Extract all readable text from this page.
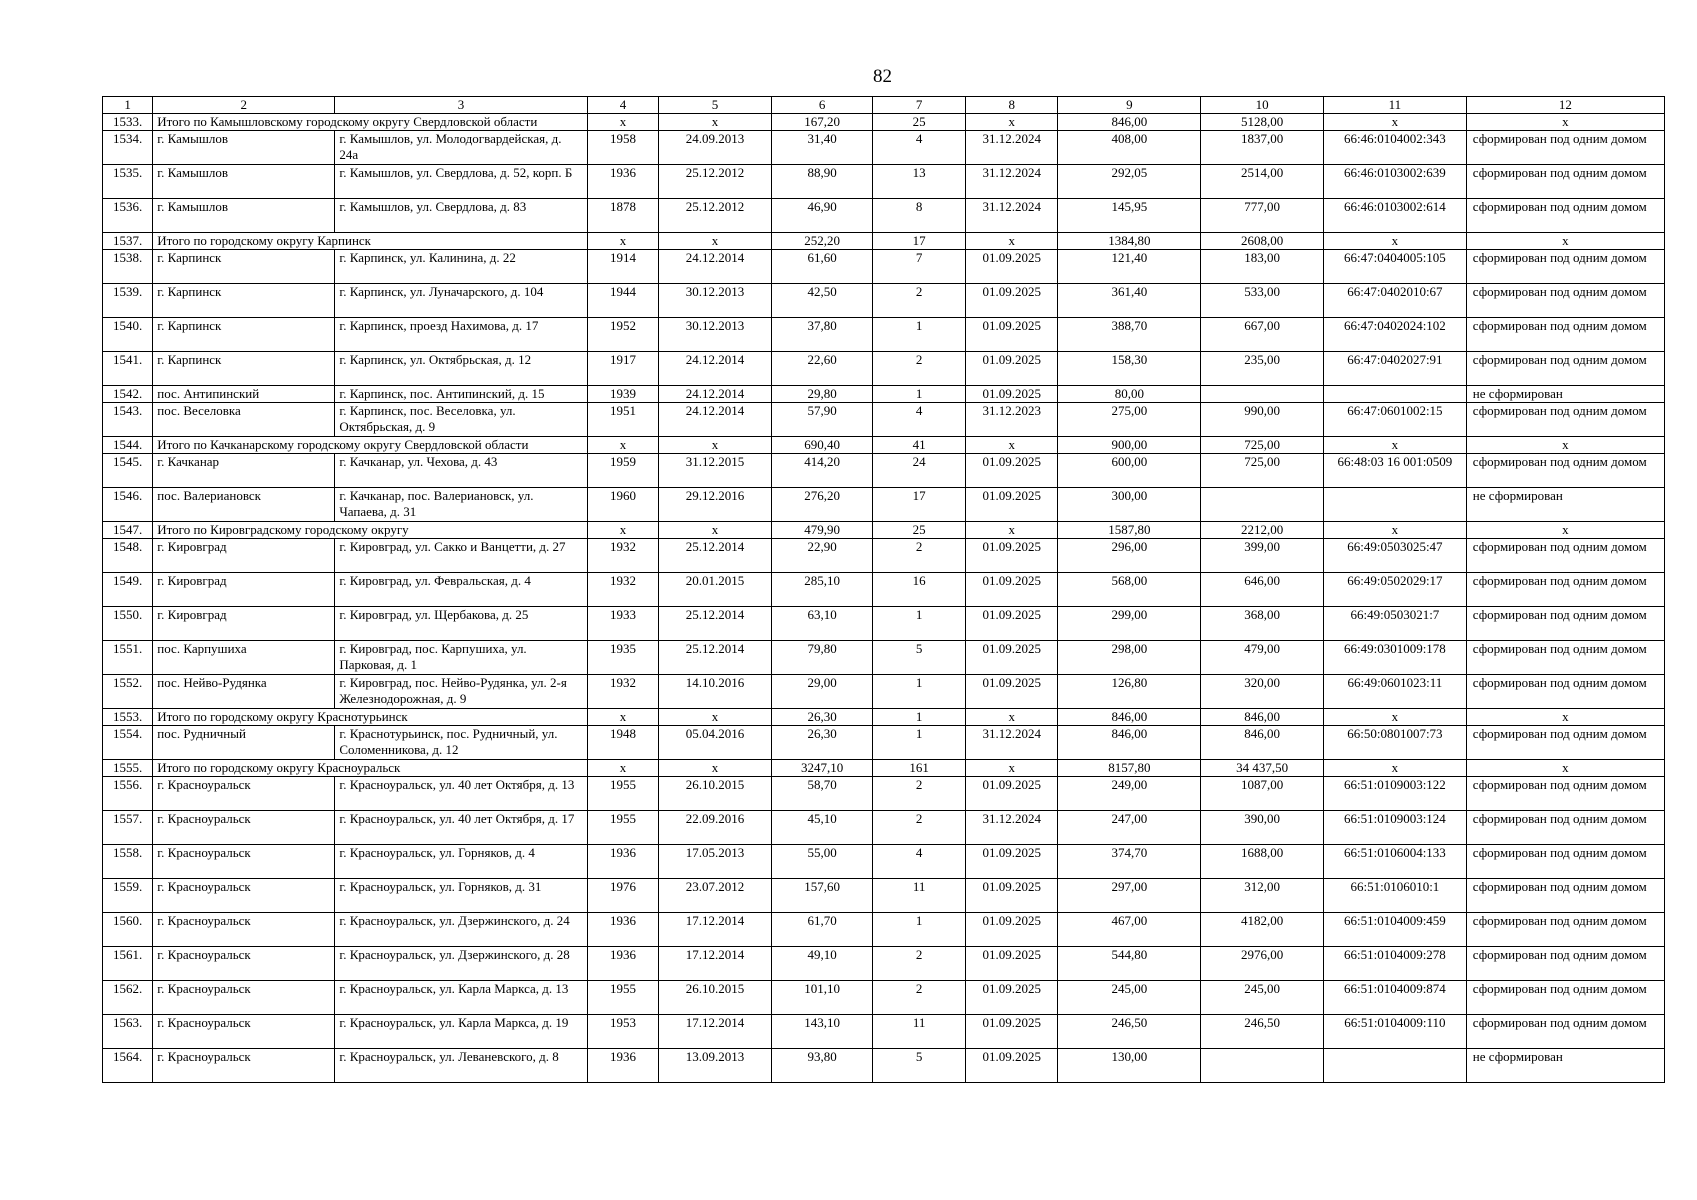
82
1	2	3	4	5	6	7	8	9	10	11	12
1533.	Итого по Камышловскому городскому округу Свердловской области		x	x	167,20	25	x	846,00	5128,00	x	x
1534.	г. Камышлов	г. Камышлов, ул. Молодогвардейская, д. 24а	1958	24.09.2013	31,40	4	31.12.2024	408,00	1837,00	66:46:0104002:343	сформирован под одним домом
1535.	г. Камышлов	г. Камышлов, ул. Свердлова, д. 52, корп. Б	1936	25.12.2012	88,90	13	31.12.2024	292,05	2514,00	66:46:0103002:639	сформирован под одним домом
1536.	г. Камышлов	г. Камышлов, ул. Свердлова, д. 83	1878	25.12.2012	46,90	8	31.12.2024	145,95	777,00	66:46:0103002:614	сформирован под одним домом
1537.	Итого по городскому округу Карпинск		x	x	252,20	17	x	1384,80	2608,00	x	x
1538.	г. Карпинск	г. Карпинск, ул. Калинина, д. 22	1914	24.12.2014	61,60	7	01.09.2025	121,40	183,00	66:47:0404005:105	сформирован под одним домом
1539.	г. Карпинск	г. Карпинск, ул. Луначарского, д. 104	1944	30.12.2013	42,50	2	01.09.2025	361,40	533,00	66:47:0402010:67	сформирован под одним домом
1540.	г. Карпинск	г. Карпинск, проезд Нахимова, д. 17	1952	30.12.2013	37,80	1	01.09.2025	388,70	667,00	66:47:0402024:102	сформирован под одним домом
1541.	г. Карпинск	г. Карпинск, ул. Октябрьская, д. 12	1917	24.12.2014	22,60	2	01.09.2025	158,30	235,00	66:47:0402027:91	сформирован под одним домом
1542.	пос. Антипинский	г. Карпинск, пос. Антипинский, д. 15	1939	24.12.2014	29,80	1	01.09.2025	80,00			не сформирован
1543.	пос. Веселовка	г. Карпинск, пос. Веселовка, ул. Октябрьская, д. 9	1951	24.12.2014	57,90	4	31.12.2023	275,00	990,00	66:47:0601002:15	сформирован под одним домом
1544.	Итого по Качканарскому городскому округу Свердловской области		x	x	690,40	41	x	900,00	725,00	x	x
1545.	г. Качканар	г. Качканар, ул. Чехова, д. 43	1959	31.12.2015	414,20	24	01.09.2025	600,00	725,00	66:48:03 16 001:0509	сформирован под одним домом
1546.	пос. Валериановск	г. Качканар, пос. Валериановск, ул. Чапаева, д. 31	1960	29.12.2016	276,20	17	01.09.2025	300,00			не сформирован
1547.	Итого по Кировградскому городскому округу		x	x	479,90	25	x	1587,80	2212,00	x	x
1548.	г. Кировград	г. Кировград, ул. Сакко и Ванцетти, д. 27	1932	25.12.2014	22,90	2	01.09.2025	296,00	399,00	66:49:0503025:47	сформирован под одним домом
1549.	г. Кировград	г. Кировград, ул. Февральская, д. 4	1932	20.01.2015	285,10	16	01.09.2025	568,00	646,00	66:49:0502029:17	сформирован под одним домом
1550.	г. Кировград	г. Кировград, ул. Щербакова, д. 25	1933	25.12.2014	63,10	1	01.09.2025	299,00	368,00	66:49:0503021:7	сформирован под одним домом
1551.	пос. Карпушиха	г. Кировград, пос. Карпушиха, ул. Парковая, д. 1	1935	25.12.2014	79,80	5	01.09.2025	298,00	479,00	66:49:0301009:178	сформирован под одним домом
1552.	пос. Нейво-Рудянка	г. Кировград, пос. Нейво-Рудянка, ул. 2-я Железнодорожная, д. 9	1932	14.10.2016	29,00	1	01.09.2025	126,80	320,00	66:49:0601023:11	сформирован под одним домом
1553.	Итого по городскому округу Краснотурьинск		x	x	26,30	1	x	846,00	846,00	x	x
1554.	пос. Рудничный	г. Краснотурьинск, пос. Рудничный, ул. Соломенникова, д. 12	1948	05.04.2016	26,30	1	31.12.2024	846,00	846,00	66:50:0801007:73	сформирован под одним домом
1555.	Итого по городскому округу Красноуральск		x	x	3247,10	161	x	8157,80	34 437,50	x	x
1556.	г. Красноуральск	г. Красноуральск, ул. 40 лет Октября, д. 13	1955	26.10.2015	58,70	2	01.09.2025	249,00	1087,00	66:51:0109003:122	сформирован под одним домом
1557.	г. Красноуральск	г. Красноуральск, ул. 40 лет Октября, д. 17	1955	22.09.2016	45,10	2	31.12.2024	247,00	390,00	66:51:0109003:124	сформирован под одним домом
1558.	г. Красноуральск	г. Красноуральск, ул. Горняков, д. 4	1936	17.05.2013	55,00	4	01.09.2025	374,70	1688,00	66:51:0106004:133	сформирован под одним домом
1559.	г. Красноуральск	г. Красноуральск, ул. Горняков, д. 31	1976	23.07.2012	157,60	11	01.09.2025	297,00	312,00	66:51:0106010:1	сформирован под одним домом
1560.	г. Красноуральск	г. Красноуральск, ул. Дзержинского, д. 24	1936	17.12.2014	61,70	1	01.09.2025	467,00	4182,00	66:51:0104009:459	сформирован под одним домом
1561.	г. Красноуральск	г. Красноуральск, ул. Дзержинского, д. 28	1936	17.12.2014	49,10	2	01.09.2025	544,80	2976,00	66:51:0104009:278	сформирован под одним домом
1562.	г. Красноуральск	г. Красноуральск, ул. Карла Маркса, д. 13	1955	26.10.2015	101,10	2	01.09.2025	245,00	245,00	66:51:0104009:874	сформирован под одним домом
1563.	г. Красноуральск	г. Красноуральск, ул. Карла Маркса, д. 19	1953	17.12.2014	143,10	11	01.09.2025	246,50	246,50	66:51:0104009:110	сформирован под одним домом
1564.	г. Красноуральск	г. Красноуральск, ул. Леваневского, д. 8	1936	13.09.2013	93,80	5	01.09.2025	130,00			не сформирован
